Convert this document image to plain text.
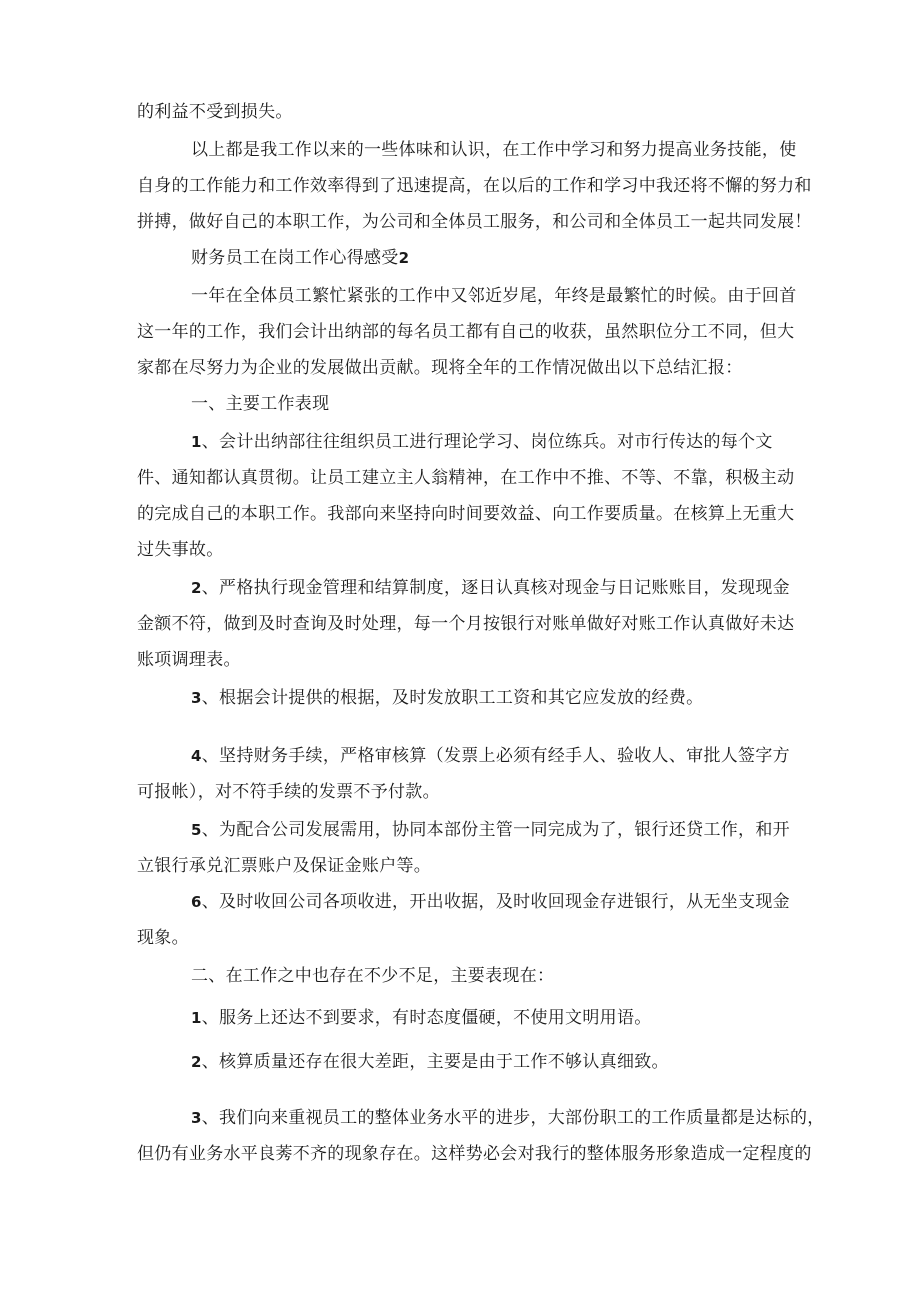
的利益不受到损失。

以上都是我工作以来的一些体味和认识，在工作中学习和努力提高业务技能，使

自身的工作能力和工作效率得到了迅速提高，在以后的工作和学习中我还将不懈的努力和

拼搏，做好自己的本职工作，为公司和全体员工服务，和公司和全体员工一起共同发展！

财务员工在岗工作心得感受2

一年在全体员工繁忙紧张的工作中又邻近岁尾，年终是最繁忙的时候。由于回首

这一年的工作，我们会计出纳部的每名员工都有自己的收获，虽然职位分工不同，但大

家都在尽努力为企业的发展做出贡献。现将全年的工作情况做出以下总结汇报：

一、主要工作表现

1、会计出纳部往往组织员工进行理论学习、岗位练兵。对市行传达的每个文

件、通知都认真贯彻。让员工建立主人翁精神，在工作中不推、不等、不靠，积极主动

的完成自己的本职工作。我部向来坚持向时间要效益、向工作要质量。在核算上无重大

过失事故。

2、严格执行现金管理和结算制度，逐日认真核对现金与日记账账目，发现现金

金额不符，做到及时查询及时处理，每一个月按银行对账单做好对账工作认真做好未达

账项调理表。

3、根据会计提供的根据，及时发放职工工资和其它应发放的经费。

4、坚持财务手续，严格审核算（发票上必须有经手人、验收人、审批人签字方

可报帐），对不符手续的发票不予付款。

5、为配合公司发展需用，协同本部份主管一同完成为了，银行还贷工作，和开

立银行承兑汇票账户及保证金账户等。

6、及时收回公司各项收进，开出收据，及时收回现金存进银行，从无坐支现金

现象。

二、在工作之中也存在不少不足，主要表现在：

1、服务上还达不到要求，有时态度僵硬，不使用文明用语。

2、核算质量还存在很大差距，主要是由于工作不够认真细致。

3、我们向来重视员工的整体业务水平的进步，大部份职工的工作质量都是达标的，

但仍有业务水平良莠不齐的现象存在。这样势必会对我行的整体服务形象造成一定程度的
